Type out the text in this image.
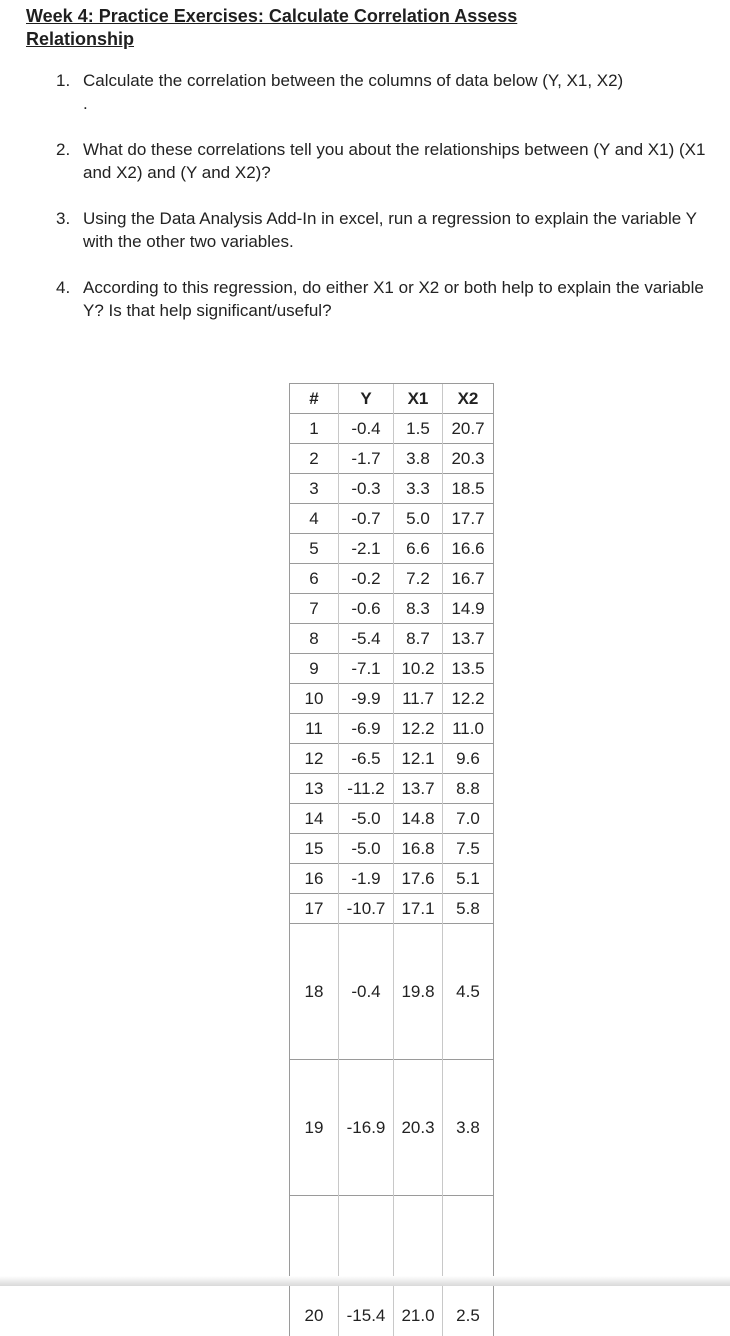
Week 4: Practice Exercises: Calculate Correlation Assess Relationship
1. Calculate the correlation between the columns of data below (Y, X1, X2)
.
2. What do these correlations tell you about the relationships between (Y and X1) (X1 and X2) and (Y and X2)?
3. Using the Data Analysis Add-In in excel, run a regression to explain the variable Y with the other two variables.
4. According to this regression, do either X1 or X2 or both help to explain the variable Y? Is that help significant/useful?
#	Y	X1	X2
1	-0.4	1.5	20.7
2	-1.7	3.8	20.3
3	-0.3	3.3	18.5
4	-0.7	5.0	17.7
5	-2.1	6.6	16.6
6	-0.2	7.2	16.7
7	-0.6	8.3	14.9
8	-5.4	8.7	13.7
9	-7.1	10.2	13.5
10	-9.9	11.7	12.2
11	-6.9	12.2	11.0
12	-6.5	12.1	9.6
13	-11.2	13.7	8.8
14	-5.0	14.8	7.0
15	-5.0	16.8	7.5
16	-1.9	17.6	5.1
17	-10.7	17.1	5.8
18	-0.4	19.8	4.5
19	-16.9	20.3	3.8
20	-15.4	21.0	2.5
